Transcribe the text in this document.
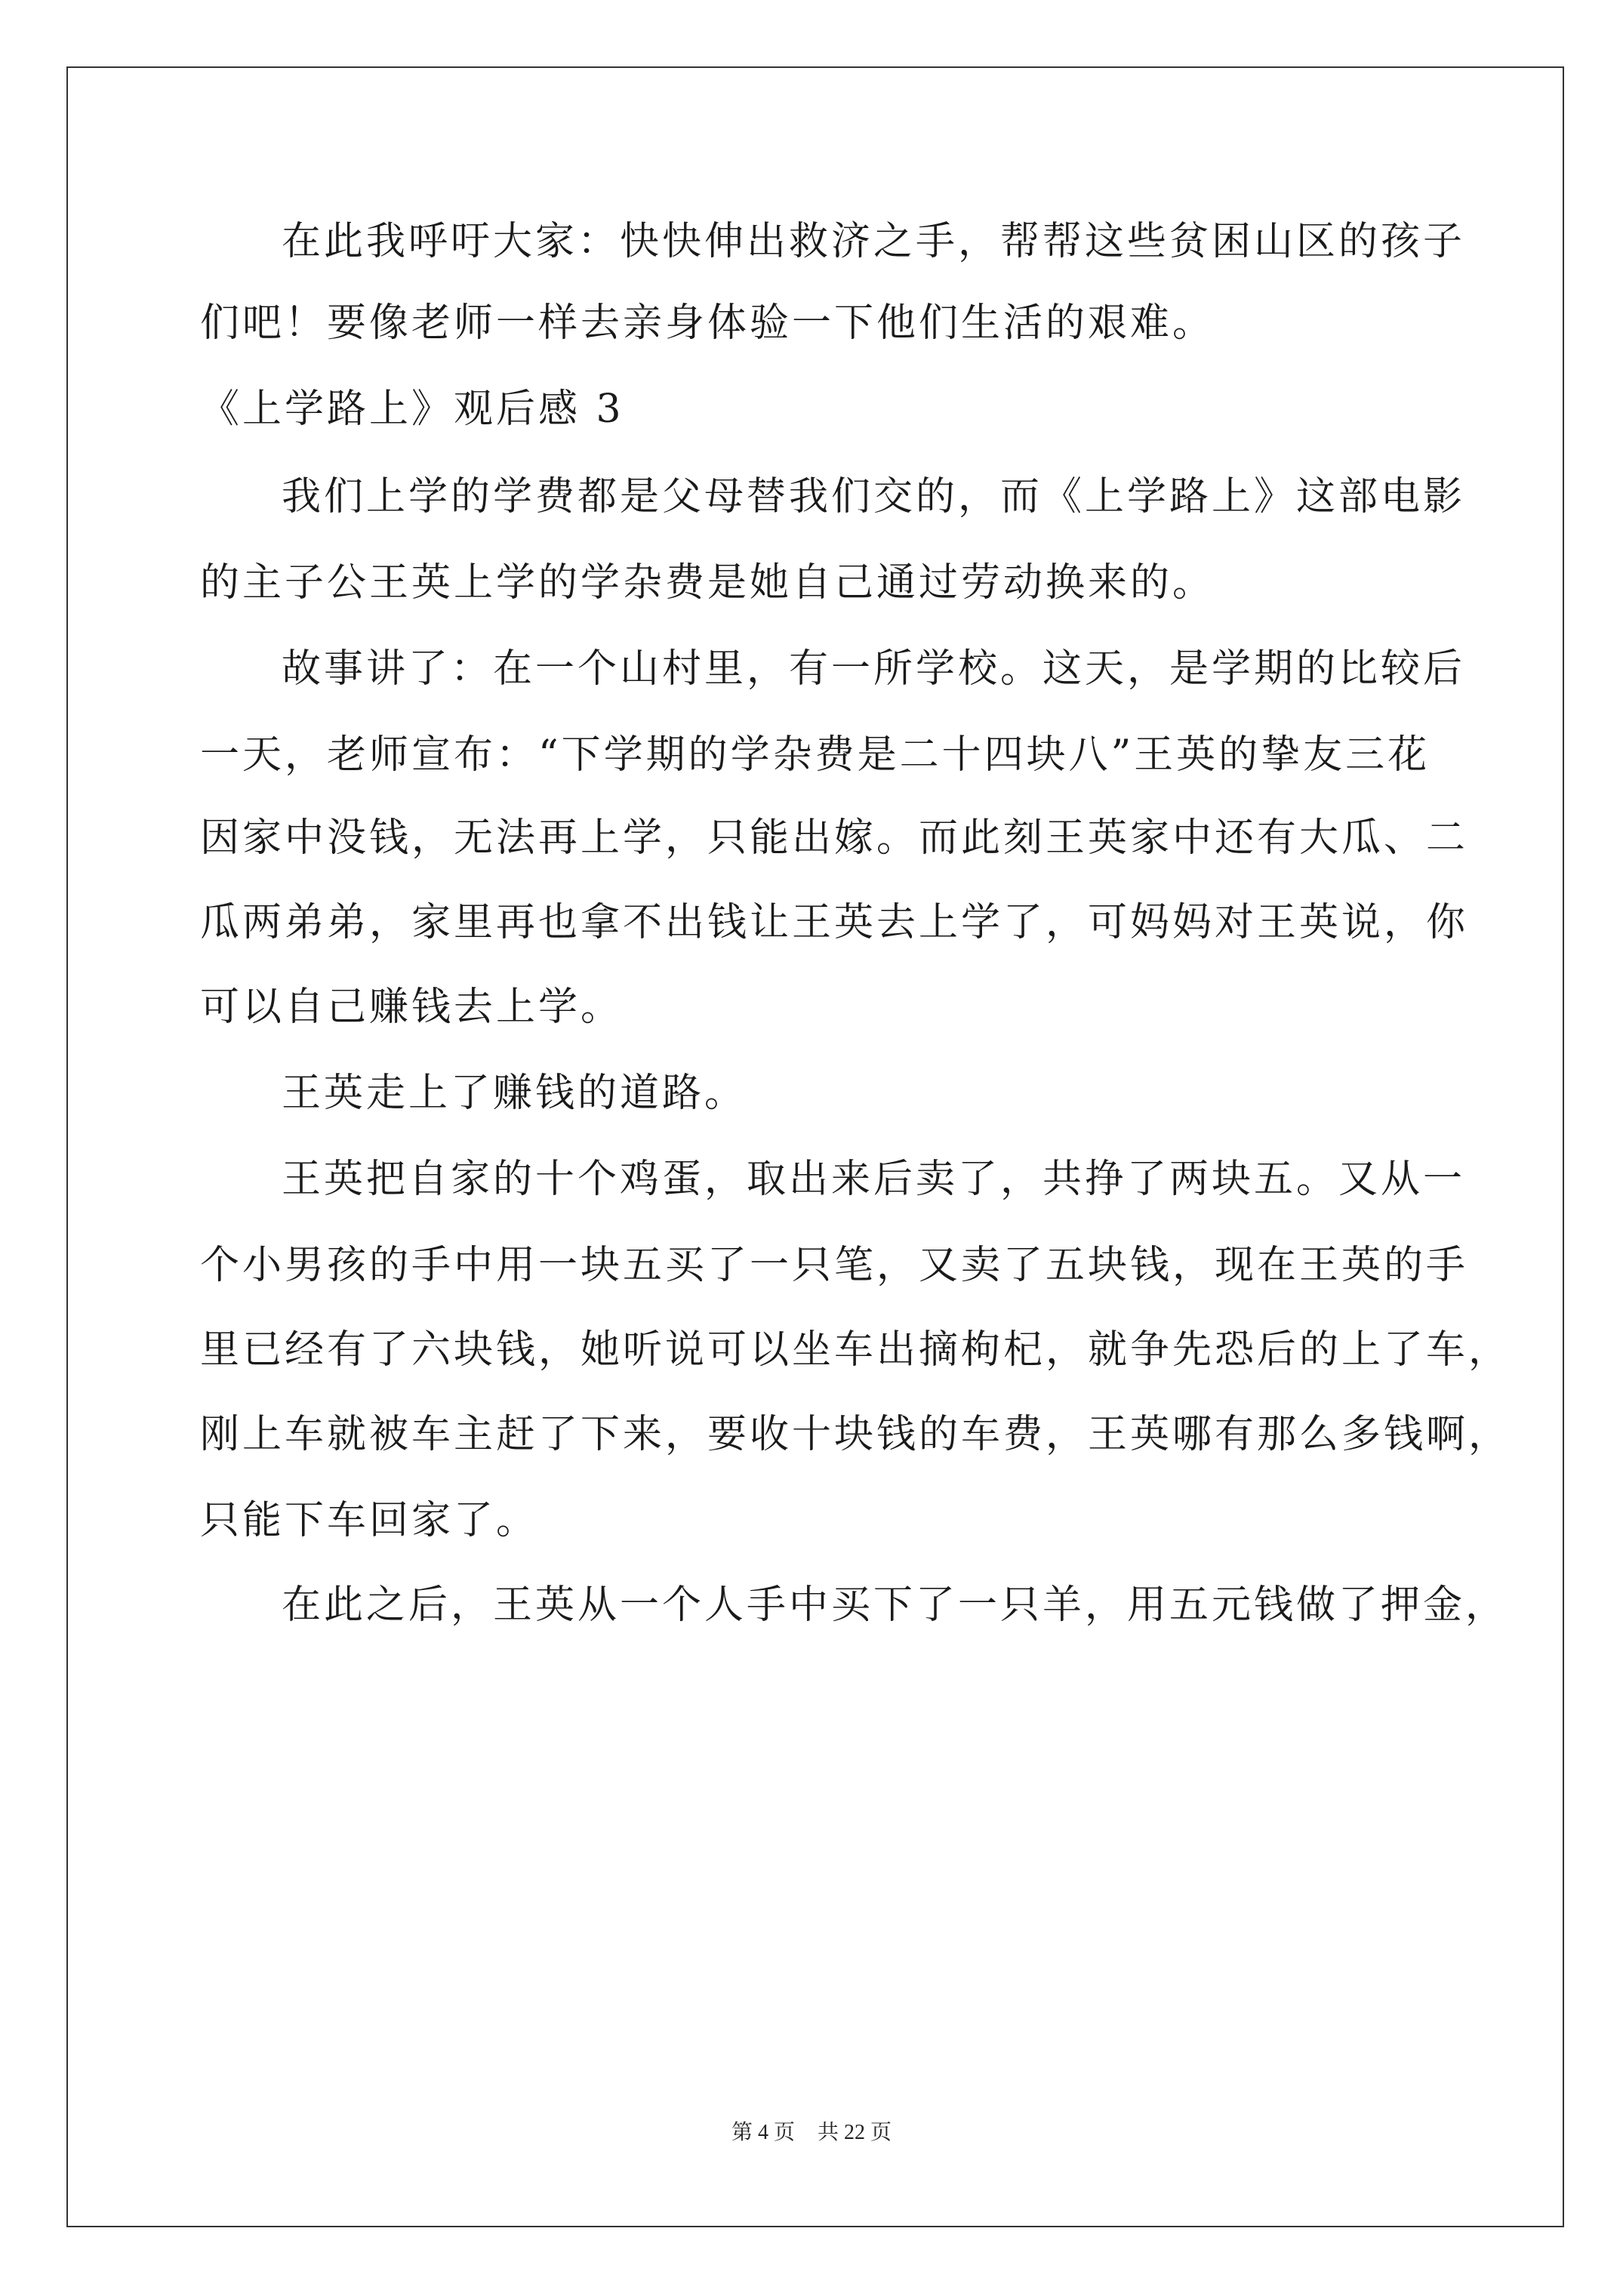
在此我呼吁大家：快快伸出救济之手，帮帮这些贫困山区的孩子
们吧！要像老师一样去亲身体验一下他们生活的艰难。
《上学路上》观后感 3
我们上学的学费都是父母替我们交的，而《上学路上》这部电影
的主子公王英上学的学杂费是她自己通过劳动换来的。
故事讲了：在一个山村里，有一所学校。这天，是学期的比较后
一天，老师宣布：“下学期的学杂费是二十四块八”王英的挚友三花
因家中没钱，无法再上学，只能出嫁。而此刻王英家中还有大瓜、二
瓜两弟弟，家里再也拿不出钱让王英去上学了，可妈妈对王英说，你
可以自己赚钱去上学。
王英走上了赚钱的道路。
王英把自家的十个鸡蛋，取出来后卖了，共挣了两块五。又从一
个小男孩的手中用一块五买了一只笔，又卖了五块钱，现在王英的手
里已经有了六块钱，她听说可以坐车出摘枸杞，就争先恐后的上了车，
刚上车就被车主赶了下来，要收十块钱的车费，王英哪有那么多钱啊，
只能下车回家了。
在此之后，王英从一个人手中买下了一只羊，用五元钱做了押金，
第 4 页 共 22 页
